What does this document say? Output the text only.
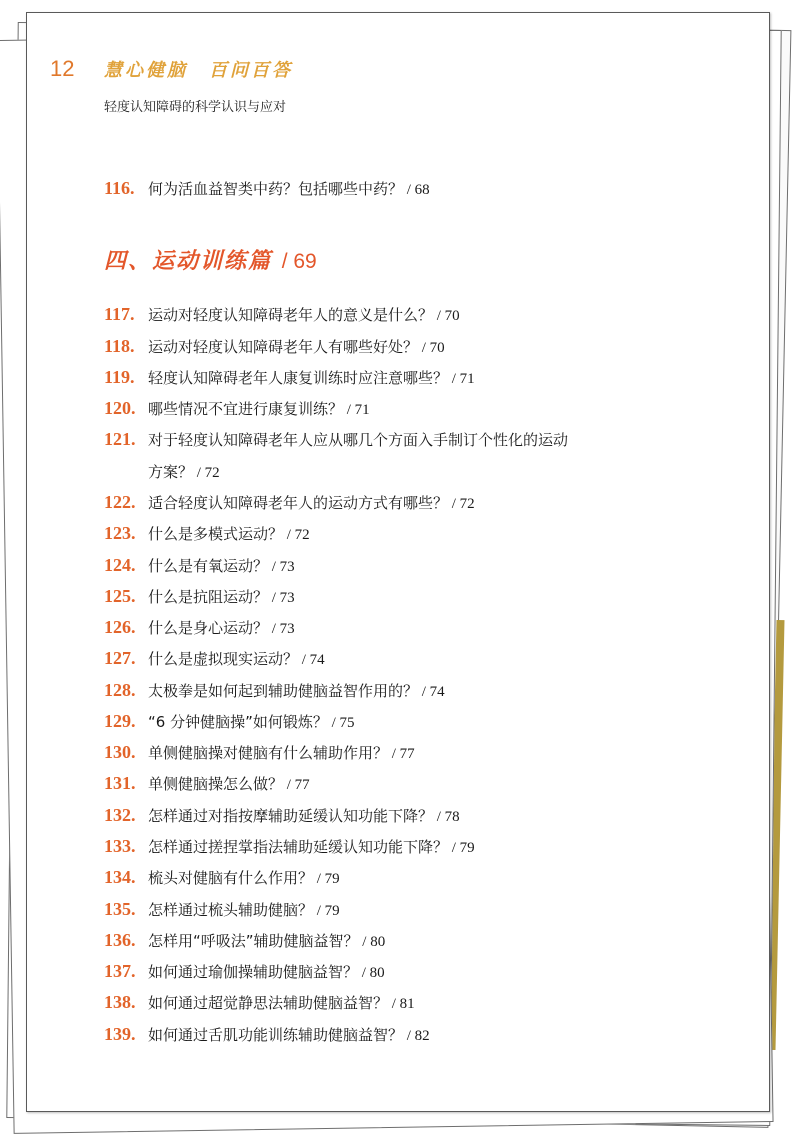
12 慧心健脑　百问百答
轻度认知障碍的科学认识与应对
116. 何为活血益智类中药？包括哪些中药？ / 68
四、运动训练篇 / 69
117. 运动对轻度认知障碍老年人的意义是什么？ / 70
118. 运动对轻度认知障碍老年人有哪些好处？ / 70
119. 轻度认知障碍老年人康复训练时应注意哪些？ / 71
120. 哪些情况不宜进行康复训练？ / 71
121. 对于轻度认知障碍老年人应从哪几个方面入手制订个性化的运动
方案？ / 72
122. 适合轻度认知障碍老年人的运动方式有哪些？ / 72
123. 什么是多模式运动？ / 72
124. 什么是有氧运动？ / 73
125. 什么是抗阻运动？ / 73
126. 什么是身心运动？ / 73
127. 什么是虚拟现实运动？ / 74
128. 太极拳是如何起到辅助健脑益智作用的？ / 74
129. “6 分钟健脑操”如何锻炼？ / 75
130. 单侧健脑操对健脑有什么辅助作用？ / 77
131. 单侧健脑操怎么做？ / 77
132. 怎样通过对指按摩辅助延缓认知功能下降？ / 78
133. 怎样通过搓捏掌指法辅助延缓认知功能下降？ / 79
134. 梳头对健脑有什么作用？ / 79
135. 怎样通过梳头辅助健脑？ / 79
136. 怎样用“呼吸法”辅助健脑益智？ / 80
137. 如何通过瑜伽操辅助健脑益智？ / 80
138. 如何通过超觉静思法辅助健脑益智？ / 81
139. 如何通过舌肌功能训练辅助健脑益智？ / 82
